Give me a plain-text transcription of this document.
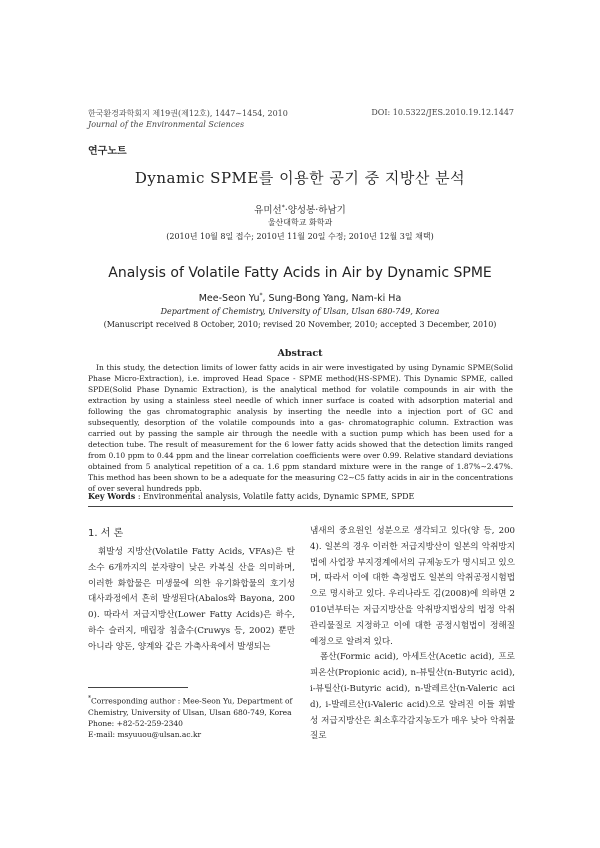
한국환경과학회지 제19권(제12호), 1447∼1454, 2010
Journal of the Environmental Sciences
DOI: 10.5322/JES.2010.19.12.1447
연구노트
Dynamic SPME를 이용한 공기 중 지방산 분석
유미선*·양성봉·하남기
울산대학교 화학과
(2010년 10월 8일 접수; 2010년 11월 20일 수정; 2010년 12월 3일 채택)
Analysis of Volatile Fatty Acids in Air by Dynamic SPME
Mee-Seon Yu*, Sung-Bong Yang, Nam-ki Ha
Department of Chemistry, University of Ulsan, Ulsan 680-749, Korea
(Manuscript received 8 October, 2010; revised 20 November, 2010; accepted 3 December, 2010)
Abstract

In this study, the detection limits of lower fatty acids in air were investigated by using Dynamic SPME(Solid Phase Micro-Extraction), i.e. improved Head Space - SPME method(HS-SPME). This Dynamic SPME, called SPDE(Solid Phase Dynamic Extraction), is the analytical method for volatile compounds in air with the extraction by using a stainless steel needle of which inner surface is coated with adsorption material and following the gas chromatographic analysis by inserting the needle into a injection port of GC and subsequently, desorption of the volatile compounds into a gas- chromatographic column. Extraction was carried out by passing the sample air through the needle with a suction pump which has been used for a detection tube. The result of measurement for the 6 lower fatty acids showed that the detection limits ranged from 0.10 ppm to 0.44 ppm and the linear correlation coefficients were over 0.99. Relative standard deviations obtained from 5 analytical repetition of a ca. 1.6 ppm standard mixture were in the range of 1.87%∼2.47%. This method has been shown to be a adequate for the measuring C2∼C5 fatty acids in air in the concentrations of over several hundreds ppb.

Key Words : Environmental analysis, Volatile fatty acids, Dynamic SPME, SPDE
1. 서 론

휘발성 지방산(Volatile Fatty Acids, VFAs)은 탄소수 6개까지의 분자량이 낮은 카복실 산을 의미하며, 이러한 화합물은 미생물에 의한 유기화합물의 호기성 대사과정에서 흔히 발생된다(Abalos와 Bayona, 2000). 따라서 저급지방산(Lower Fatty Acids)은 하수, 하수 슬러지, 매립장 침출수(Cruwys 등, 2002) 뿐만 아니라 양돈, 양계와 같은 가축사육에서 발생되는

냄새의 중요원인 성분으로 생각되고 있다(양 등, 2004). 일본의 경우 이러한 저급지방산이 일본의 악취방지법에 사업장 부지경계에서의 규제농도가 명시되고 있으며, 따라서 이에 대한 측정법도 일본의 악취공정시험법으로 명시하고 있다. 우리나라도 김(2008)에 의하면 2010년부터는 저급지방산을 악취방지법상의 법정 악취관리물질로 지정하고 이에 대한 공정시험법이 정해질 예정으로 알려져 있다.
폼산(Formic acid), 아세트산(Acetic acid), 프로피온산(Propionic acid), n-뷰틸산(n-Butyric acid), i-뷰틸산(i-Butyric acid), n-발레르산(n-Valeric acid), i-발레르산(i-Valeric acid)으로 알려진 이들 휘발성 저급지방산은 최소후각감지농도가 매우 낮아 악취물질로
*Corresponding author : Mee-Seon Yu, Department of Chemistry, University of Ulsan, Ulsan 680-749, Korea
Phone: +82-52-259-2340
E-mail: msyuuou@ulsan.ac.kr
